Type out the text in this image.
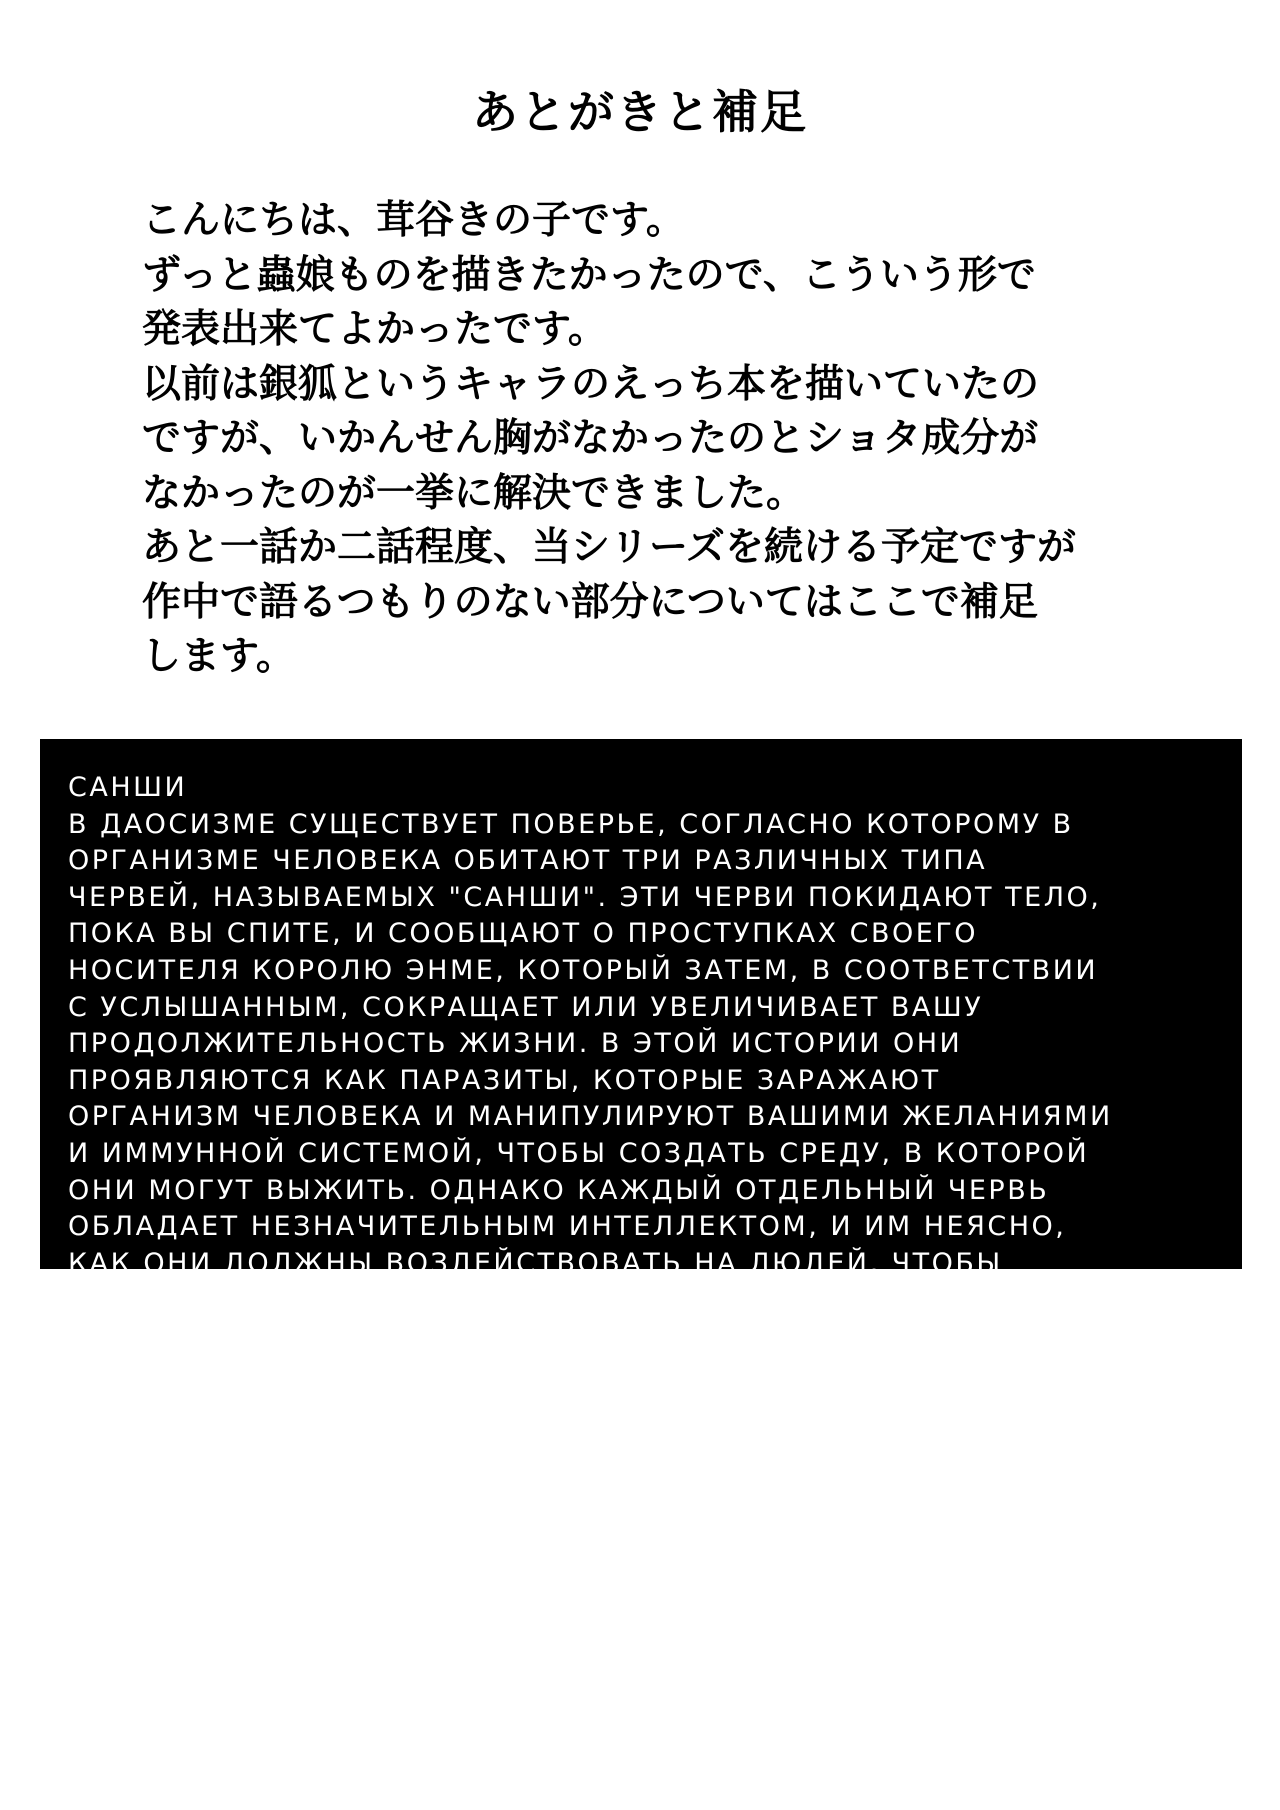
あとがきと補足
こんにちは、茸谷きの子です。
ずっと蟲娘ものを描きたかったので、こういう形で
発表出来てよかったです。
以前は銀狐というキャラのえっち本を描いていたの
ですが、いかんせん胸がなかったのとショタ成分が
なかったのが一挙に解決できました。
あと一話か二話程度、当シリーズを続ける予定ですが
作中で語るつもりのない部分についてはここで補足
します。
САНШИ
В ДАОСИЗМЕ СУЩЕСТВУЕТ ПОВЕРЬЕ, СОГЛАСНО КОТОРОМУ В
ОРГАНИЗМЕ ЧЕЛОВЕКА ОБИТАЮТ ТРИ РАЗЛИЧНЫХ ТИПА
ЧЕРВЕЙ, НАЗЫВАЕМЫХ "САНШИ". ЭТИ ЧЕРВИ ПОКИДАЮТ ТЕЛО,
ПОКА ВЫ СПИТЕ, И СООБЩАЮТ О ПРОСТУПКАХ СВОЕГО
НОСИТЕЛЯ КОРОЛЮ ЭНМЕ, КОТОРЫЙ ЗАТЕМ, В СООТВЕТСТВИИ
С УСЛЫШАННЫМ, СОКРАЩАЕТ ИЛИ УВЕЛИЧИВАЕТ ВАШУ
ПРОДОЛЖИТЕЛЬНОСТЬ ЖИЗНИ. В ЭТОЙ ИСТОРИИ ОНИ
ПРОЯВЛЯЮТСЯ КАК ПАРАЗИТЫ, КОТОРЫЕ ЗАРАЖАЮТ
ОРГАНИЗМ ЧЕЛОВЕКА И МАНИПУЛИРУЮТ ВАШИМИ ЖЕЛАНИЯМИ
И ИММУННОЙ СИСТЕМОЙ, ЧТОБЫ СОЗДАТЬ СРЕДУ, В КОТОРОЙ
ОНИ МОГУТ ВЫЖИТЬ. ОДНАКО КАЖДЫЙ ОТДЕЛЬНЫЙ ЧЕРВЬ
ОБЛАДАЕТ НЕЗНАЧИТЕЛЬНЫМ ИНТЕЛЛЕКТОМ, И ИМ НЕЯСНО,
КАК ОНИ ДОЛЖНЫ ВОЗДЕЙСТВОВАТЬ НА ЛЮДЕЙ, ЧТОБЫ
ПРИНЕСТИ ПОЛЬЗУ СЕБЕ. ВОТ ТУТ-ТО И ВСТУПАЕТ В ИГРУ
КОРОЛЕВА. ОНА ПОГЛОЩАЕТ ЧЕЛОВЕЧЕСКИЕ ГЕНЫ, ЧТОБЫ
ПРИОБРЕСТИ ИНТЕЛЛЕКТ, А ЗАТЕМ ИСПОЛЬЗУЕТ ФЕРОМОНЫ,
ЧТОБЫ ВОЗДЕЙСТВОВАТЬ НА ДРУГИХ СЕНШИ В ОКРУГЕ.
КОРОЛЕВА МОЖЕТ НАСЛЕДОВАТЬ ВОСПОМИНАНИЯ ОТ
СВОЕГО ПРЕДКА, ОДНАКО МОЖЕТ ВЫБИРАТЬ КАКИЕ ИМЕННО
ЕЙ ПОЛЕЗНЫ. НО ТАКЖЕ МОЖЕТ УНАСЛЕДОВАТЬ
ВОСПОМИНАНИЯ ЧЕЛОВЕКА МУЖСКОГО ПОЛА, В КОТОРОГО
БЫЛИ ОТЛОЖЕНЫ ЯЙЦА.
